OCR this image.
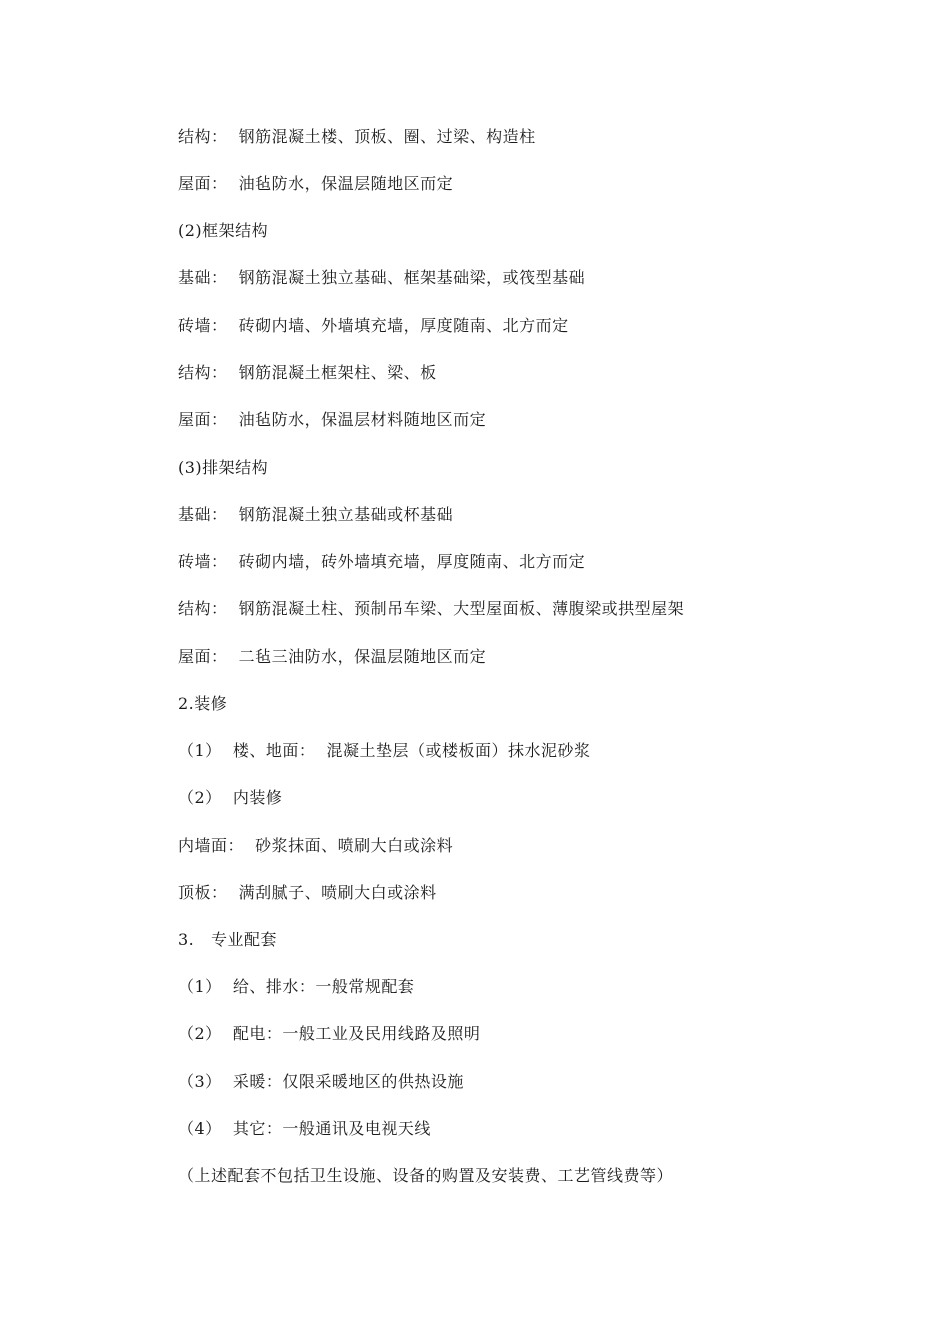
结构：  钢筋混凝土楼、顶板、圈、过梁、构造柱
屋面：  油毡防水，保温层随地区而定
(2)框架结构
基础：  钢筋混凝土独立基础、框架基础梁，或筏型基础
砖墙：  砖砌内墙、外墙填充墙，厚度随南、北方而定
结构：  钢筋混凝土框架柱、梁、板
屋面：  油毡防水，保温层材料随地区而定
(3)排架结构
基础：  钢筋混凝土独立基础或杯基础
砖墙：  砖砌内墙，砖外墙填充墙，厚度随南、北方而定
结构：  钢筋混凝土柱、预制吊车梁、大型屋面板、薄腹梁或拱型屋架
屋面：  二毡三油防水，保温层随地区而定
2.装修
（1）  楼、地面：  混凝土垫层（或楼板面）抹水泥砂浆
（2）  内装修
内墙面：  砂浆抹面、喷刷大白或涂料
顶板：  满刮腻子、喷刷大白或涂料
3.   专业配套
（1）  给、排水：一般常规配套
（2）  配电：一般工业及民用线路及照明
（3）  采暖：仅限采暖地区的供热设施
（4）  其它：一般通讯及电视天线
（上述配套不包括卫生设施、设备的购置及安装费、工艺管线费等）
